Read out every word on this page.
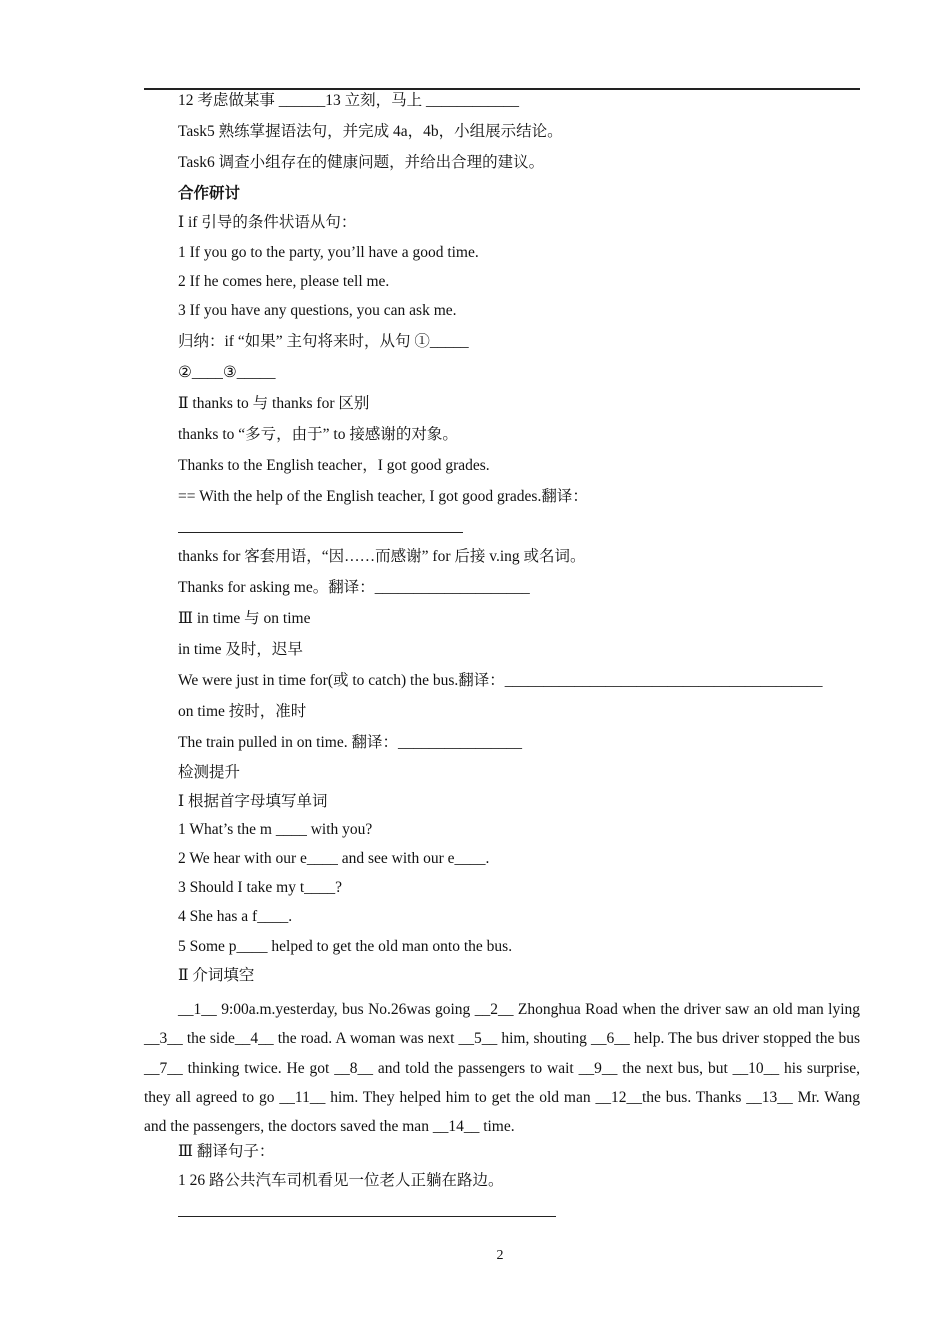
12 考虑做某事 ______13 立刻，马上 ____________
Task5 熟练掌握语法句，并完成 4a，4b，小组展示结论。
Task6 调查小组存在的健康问题，并给出合理的建议。
合作研讨
Ⅰ if 引导的条件状语从句：
1 If you go to the party, you’ll have a good time.
2 If he comes here, please tell me.
3 If you have any questions, you can ask me.
归纳：if “如果” 主句将来时，从句 ①_____
②____③_____
Ⅱ thanks to 与 thanks for 区别
thanks to “多亏，由于” to 接感谢的对象。
Thanks to the English teacher，I got good grades.
== With the help of the English teacher, I got good grades.翻译：
thanks for 客套用语，“因……而感谢” for 后接 v.ing 或名词。
Thanks for asking me。翻译：____________________
Ⅲ in time 与 on time
in time 及时，迟早
We were just in time for(或 to catch) the bus.翻译：_________________________________________
on time 按时，准时
The train pulled in on time. 翻译：________________
检测提升
Ⅰ 根据首字母填写单词
1 What’s the m ____ with you?
2 We hear with our e____ and see with our e____.
3 Should I take my t____?
4 She has a f____.
5 Some p____ helped to get the old man onto the bus.
Ⅱ 介词填空
__1__ 9:00a.m.yesterday, bus No.26was going __2__ Zhonghua Road when the driver saw an old man lying __3__ the side__4__ the road. A woman was next __5__ him, shouting __6__ help. The bus driver stopped the bus __7__ thinking twice. He got __8__ and told the passengers to wait __9__ the next bus, but __10__ his surprise, they all agreed to go __11__ him. They helped him to get the old man __12__the bus. Thanks __13__ Mr. Wang and the passengers, the doctors saved the man __14__ time.
Ⅲ 翻译句子：
1 26 路公共汽车司机看见一位老人正躺在路边。
2
